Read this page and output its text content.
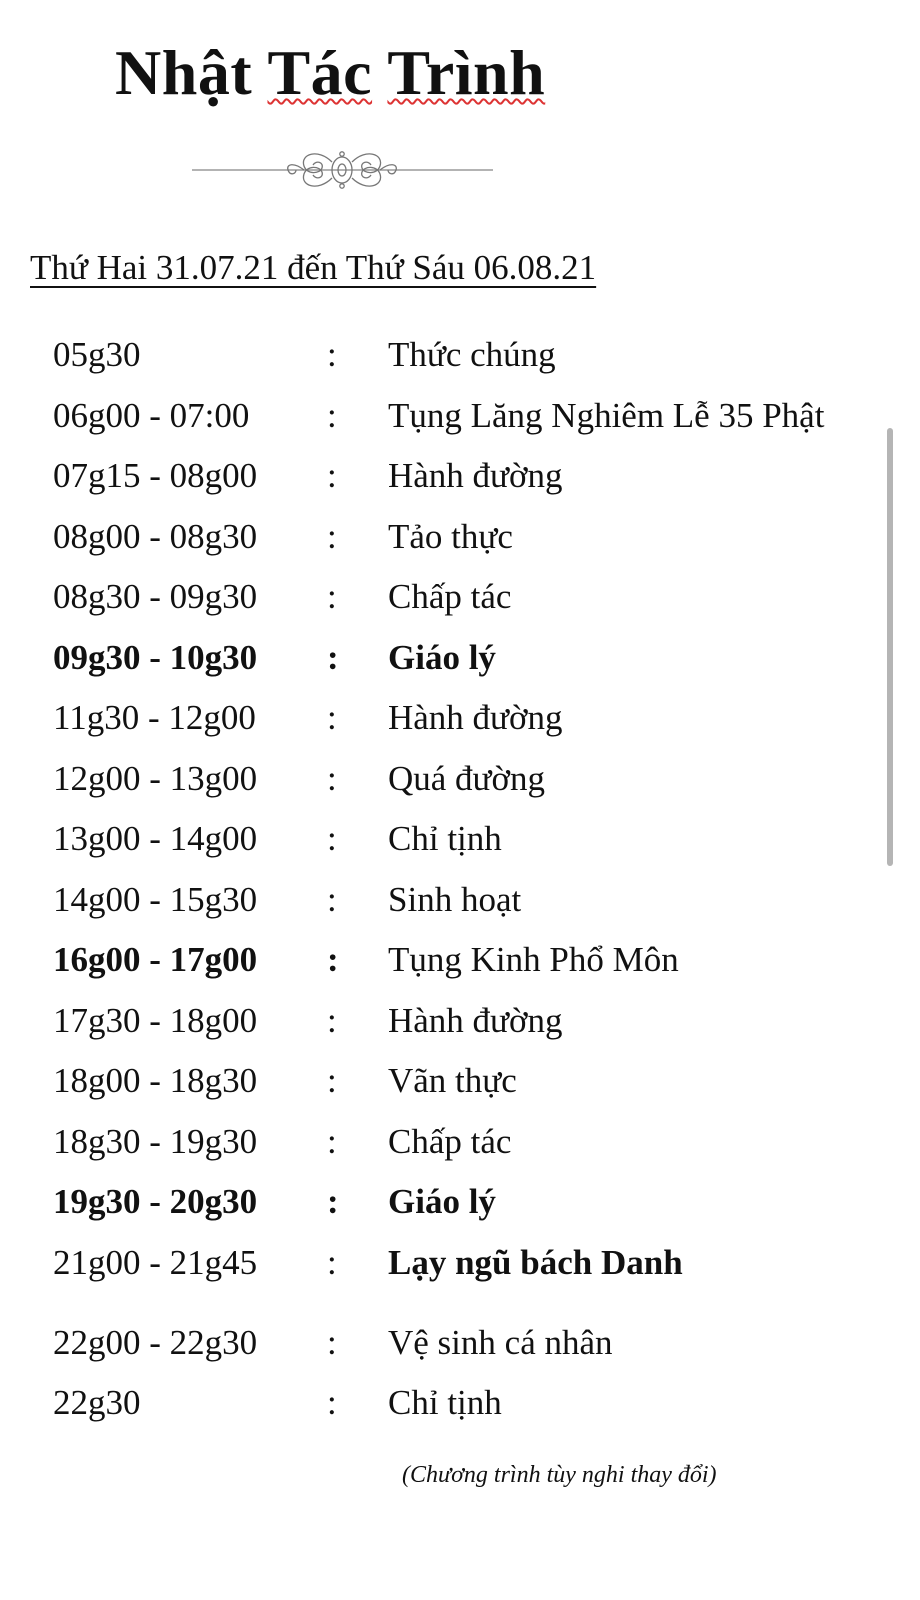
Nhật Tác Trình
Thứ Hai 31.07.21 đến Thứ Sáu 06.08.21
05g30	: Thức chúng
06g00 - 07:00 : Tụng Lăng Nghiêm Lễ 35 Phật
07g15 - 08g00 : Hành đường
08g00 - 08g30 : Tảo thực
08g30 - 09g30 : Chấp tác
09g30 - 10g30 : Giáo lý
11g30 - 12g00 : Hành đường
12g00 - 13g00 : Quá đường
13g00 - 14g00 : Chỉ tịnh
14g00 - 15g30 : Sinh hoạt
16g00 - 17g00 : Tụng Kinh Phổ Môn
17g30 - 18g00 : Hành đường
18g00 - 18g30 : Vãn thực
18g30 - 19g30 : Chấp tác
19g30 - 20g30 : Giáo lý
21g00 - 21g45 : Lạy ngũ bách Danh
22g00 - 22g30 : Vệ sinh cá nhân
22g30	: Chỉ tịnh
(Chương trình tùy nghi thay đổi)
